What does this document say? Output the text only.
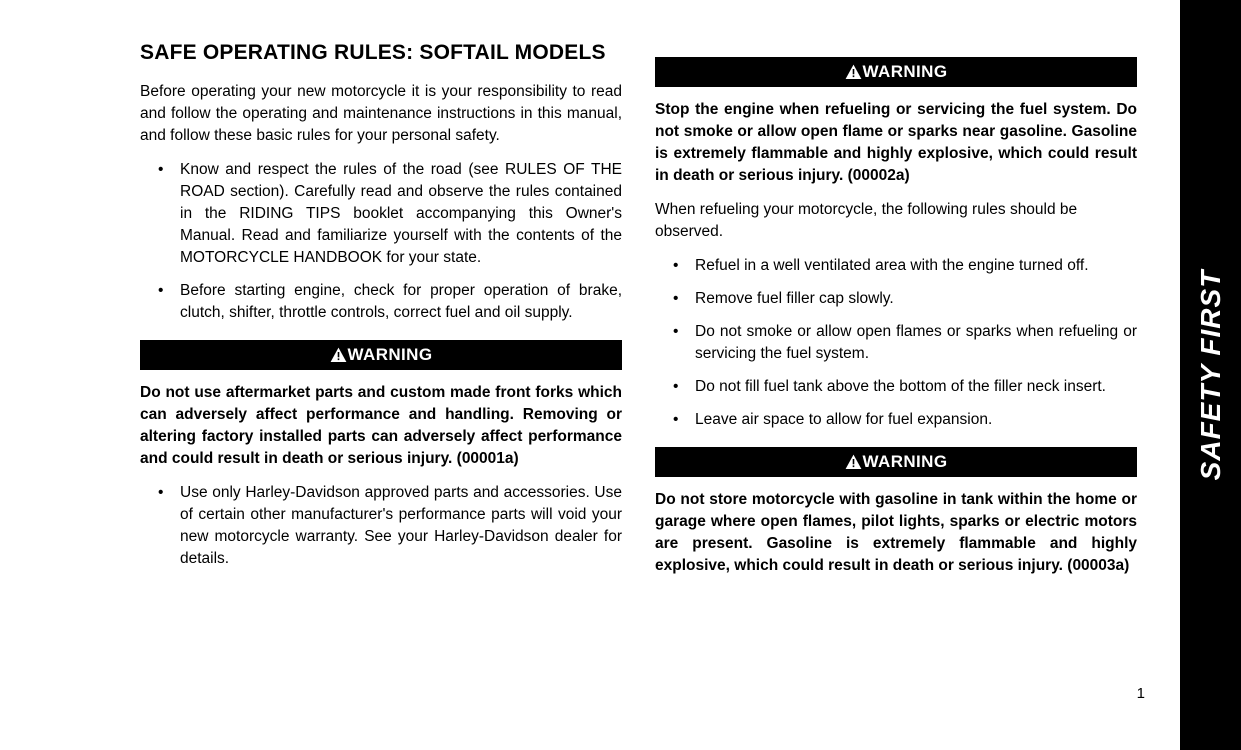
SAFE OPERATING RULES: SOFTAIL MODELS

Before operating your new motorcycle it is your responsibility to read and follow the operating and maintenance instructions in this manual, and follow these basic rules for your personal safety.

• Know and respect the rules of the road (see RULES OF THE ROAD section). Carefully read and observe the rules contained in the RIDING TIPS booklet accompanying this Owner's Manual. Read and familiarize yourself with the contents of the MOTORCYCLE HANDBOOK for your state.
• Before starting engine, check for proper operation of brake, clutch, shifter, throttle controls, correct fuel and oil supply.
WARNING

Do not use aftermarket parts and custom made front forks which can adversely affect performance and handling. Removing or altering factory installed parts can adversely affect performance and could result in death or serious injury. (00001a)

• Use only Harley-Davidson approved parts and accessories. Use of certain other manufacturer's performance parts will void your new motorcycle warranty. See your Harley-Davidson dealer for details.
WARNING

Stop the engine when refueling or servicing the fuel system. Do not smoke or allow open flame or sparks near gasoline. Gasoline is extremely flammable and highly explosive, which could result in death or serious injury. (00002a)

When refueling your motorcycle, the following rules should be observed.

• Refuel in a well ventilated area with the engine turned off.
• Remove fuel filler cap slowly.
• Do not smoke or allow open flames or sparks when refueling or servicing the fuel system.
• Do not fill fuel tank above the bottom of the filler neck insert.
• Leave air space to allow for fuel expansion.
WARNING

Do not store motorcycle with gasoline in tank within the home or garage where open flames, pilot lights, sparks or electric motors are present. Gasoline is extremely flammable and highly explosive, which could result in death or serious injury. (00003a)

1
SAFETY FIRST
